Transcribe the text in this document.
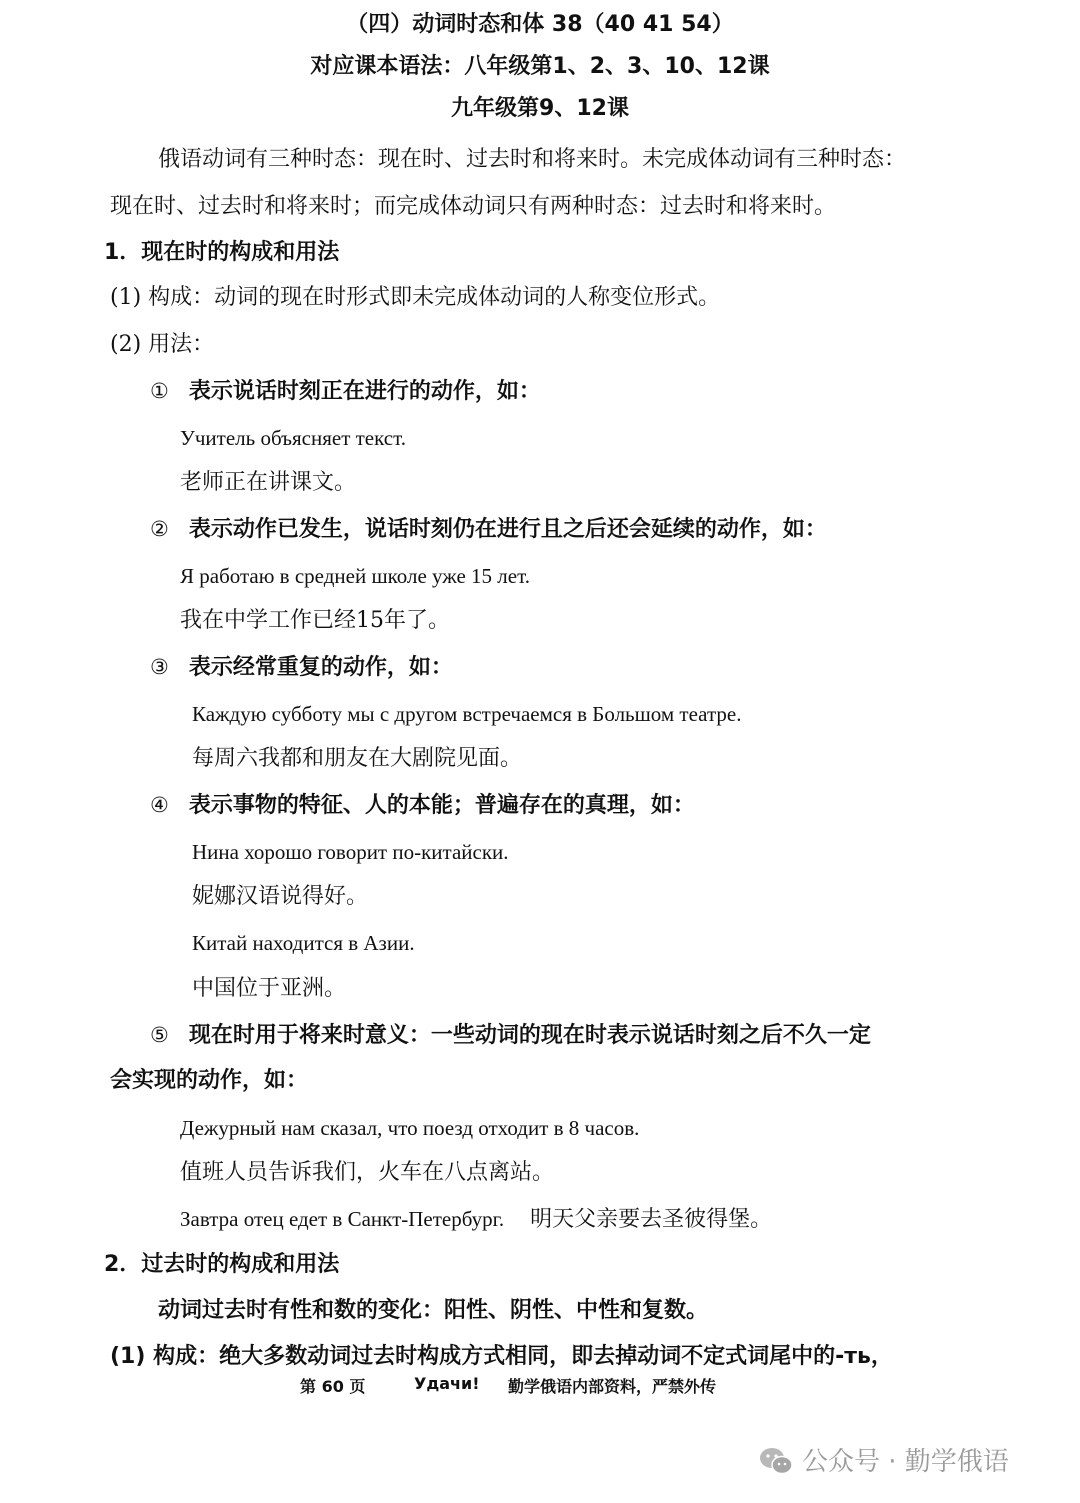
（四）动词时态和体 38（40 41 54）
对应课本语法：八年级第1、2、3、10、12课
九年级第9、12课
俄语动词有三种时态：现在时、过去时和将来时。未完成体动词有三种时态：
现在时、过去时和将来时；而完成体动词只有两种时态：过去时和将来时。
1．现在时的构成和用法
(1) 构成：动词的现在时形式即未完成体动词的人称变位形式。
(2) 用法：
① 表示说话时刻正在进行的动作，如：
Учитель объясняет текст.
老师正在讲课文。
② 表示动作已发生，说话时刻仍在进行且之后还会延续的动作，如：
Я работаю в средней школе уже 15 лет.
我在中学工作已经15年了。
③ 表示经常重复的动作，如：
Каждую субботу мы с другом встречаемся в Большом театре.
每周六我都和朋友在大剧院见面。
④ 表示事物的特征、人的本能；普遍存在的真理，如：
Нина хорошо говорит по-китайски.
妮娜汉语说得好。
Китай находится в Азии.
中国位于亚洲。
⑤ 现在时用于将来时意义：一些动词的现在时表示说话时刻之后不久一定
会实现的动作，如：
Дежурный нам сказал, что поезд отходит в 8 часов.
值班人员告诉我们，火车在八点离站。
Завтра отец едет в Санкт-Петербург. 明天父亲要去圣彼得堡。
2．过去时的构成和用法
动词过去时有性和数的变化：阳性、阴性、中性和复数。
(1) 构成：绝大多数动词过去时构成方式相同，即去掉动词不定式词尾中的-ть，
第 60 页	Удачи! 勤学俄语内部资料，严禁外传
公众号 · 勤学俄语
